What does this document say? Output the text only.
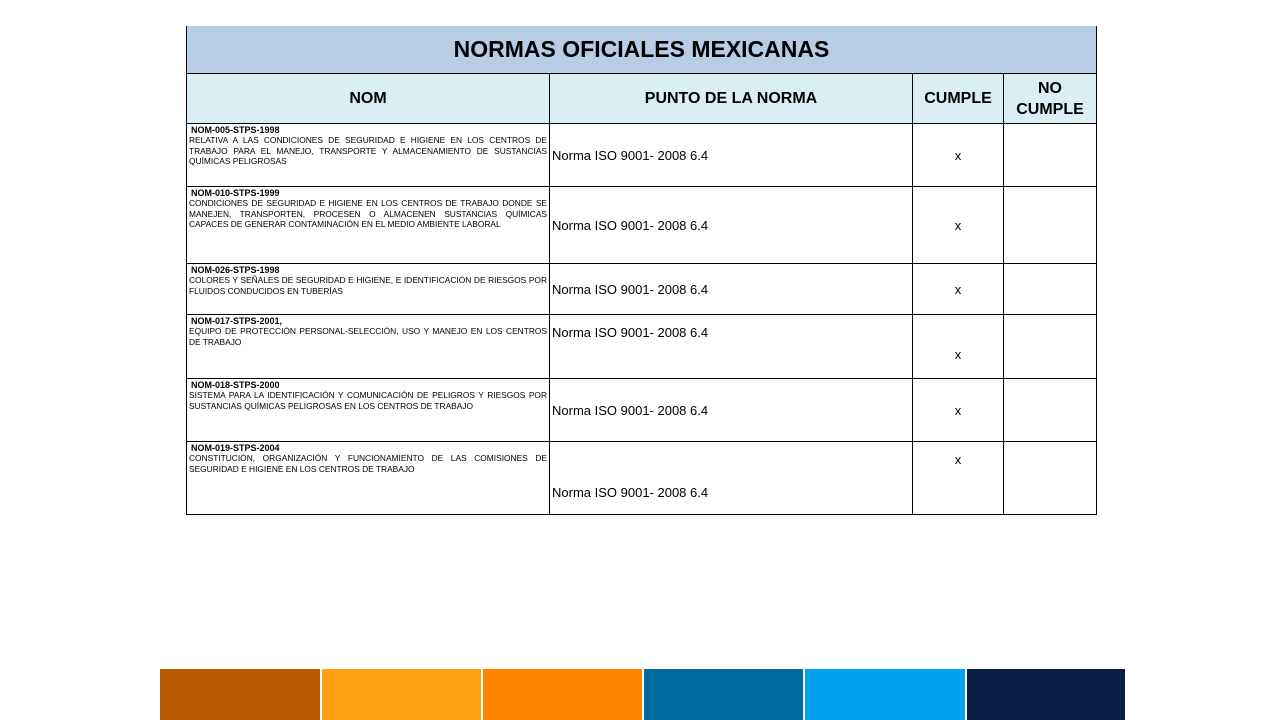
NORMAS OFICIALES MEXICANAS			
NOM	PUNTO DE LA NORMA	CUMPLE	NO CUMPLE

NOM-005-STPS-1998
RELATIVA A LAS CONDICIONES DE SEGURIDAD E HIGIENE EN LOS CENTROS DE TRABAJO PARA EL MANEJO, TRANSPORTE Y ALMACENAMIENTO DE SUSTANCIAS QUÍMICAS PELIGROSAS	Norma ISO 9001- 2008 6.4	x	

NOM-010-STPS-1999
CONDICIONES DE SEGURIDAD E HIGIENE EN LOS CENTROS DE TRABAJO DONDE SE MANEJEN, TRANSPORTEN, PROCESEN O ALMACENEN SUSTANCIAS QUÍMICAS CAPACES DE GENERAR CONTAMINACIÓN EN EL MEDIO AMBIENTE LABORAL	Norma ISO 9001- 2008 6.4	x	

NOM-026-STPS-1998
COLORES Y SEÑALES DE SEGURIDAD E HIGIENE, E IDENTIFICACIÓN DE RIESGOS POR FLUIDOS CONDUCIDOS EN TUBERÍAS	Norma ISO 9001- 2008 6.4	x	

NOM-017-STPS-2001,
EQUIPO DE PROTECCIÓN PERSONAL-SELECCIÓN, USO Y MANEJO EN LOS CENTROS DE TRABAJO	Norma ISO 9001- 2008 6.4	x	

NOM-018-STPS-2000
SISTEMA PARA LA IDENTIFICACIÓN Y COMUNICACIÓN DE PELIGROS Y RIESGOS POR SUSTANCIAS QUÍMICAS PELIGROSAS EN LOS CENTROS DE TRABAJO	Norma ISO 9001- 2008 6.4	x	

NOM-019-STPS-2004
CONSTITUCIÓN, ORGANIZACIÓN Y FUNCIONAMIENTO DE LAS COMISIONES DE SEGURIDAD E HIGIENE EN LOS CENTROS DE TRABAJO	Norma ISO 9001- 2008 6.4	x	
